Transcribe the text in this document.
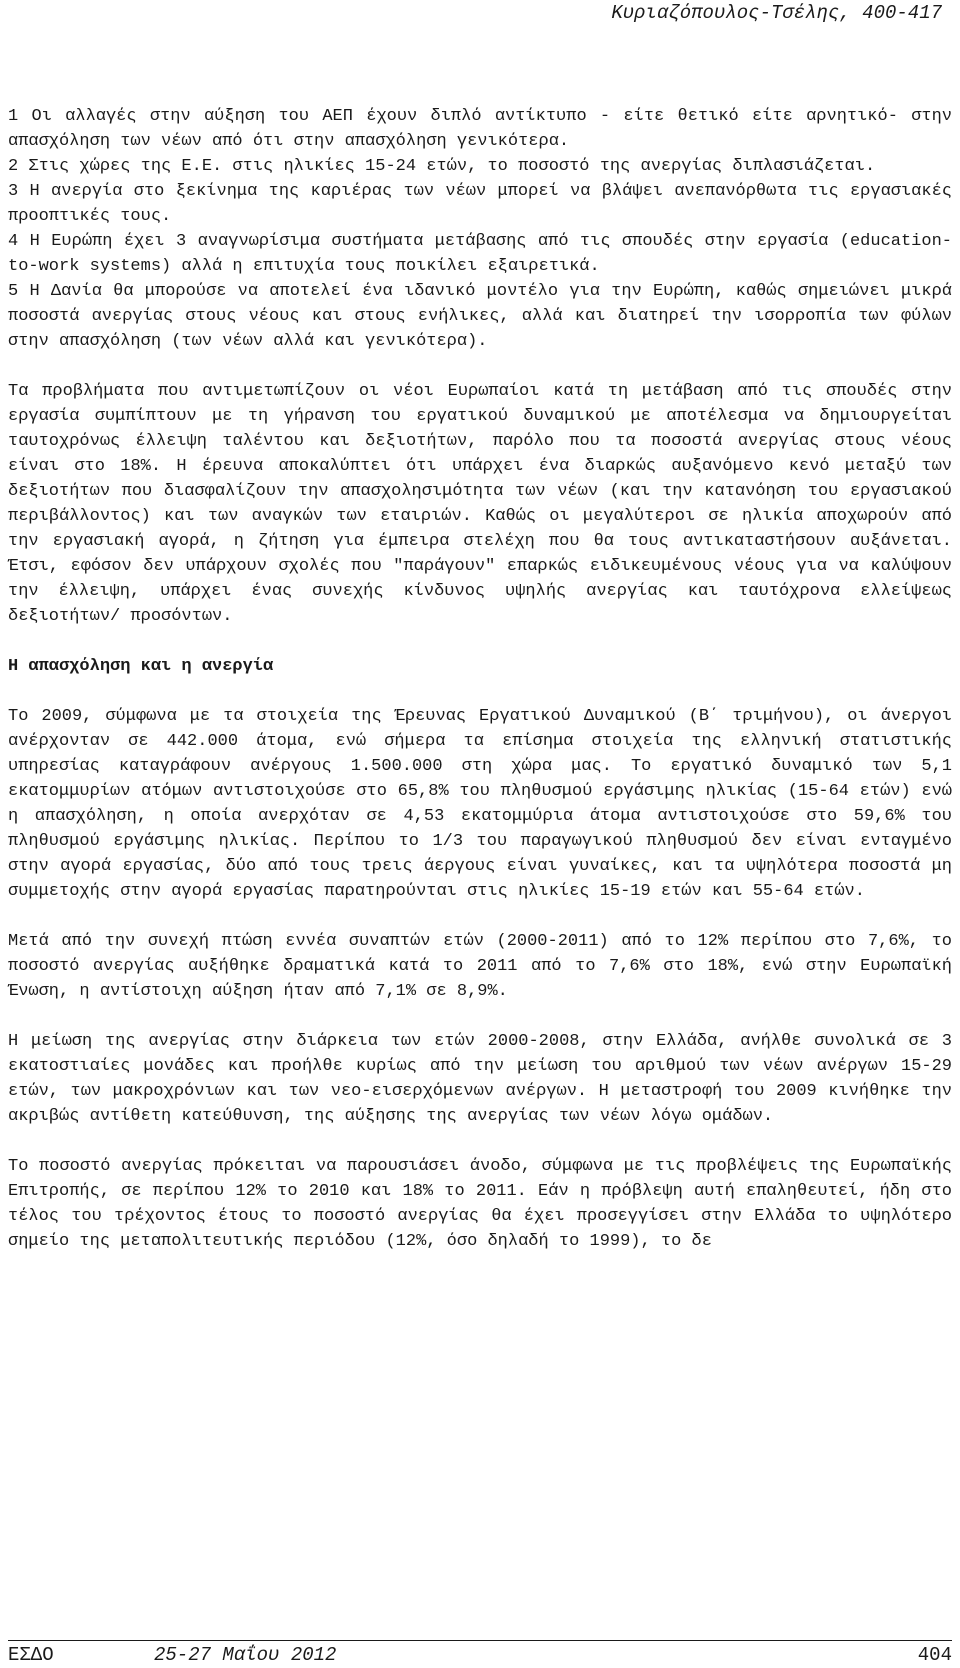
Κυριαζόπουλος-Τσέλης, 400-417

1 Οι αλλαγές στην αύξηση του ΑΕΠ έχουν διπλό αντίκτυπο - είτε θετικό είτε αρνητικό- στην απασχόληση των νέων από ότι στην απασχόληση γενικότερα.

2 Στις χώρες της Ε.Ε. στις ηλικίες 15-24 ετών, το ποσοστό της ανεργίας διπλασιάζεται.

3 Η ανεργία στο ξεκίνημα της καριέρας των νέων μπορεί να βλάψει ανεπανόρθωτα τις εργασιακές προοπτικές τους.

4 Η Ευρώπη έχει 3 αναγνωρίσιμα συστήματα μετάβασης από τις σπουδές στην εργασία (education-to-work systems) αλλά η επιτυχία τους ποικίλει εξαιρετικά.

5 Η Δανία θα μπορούσε να αποτελεί ένα ιδανικό μοντέλο για την Ευρώπη, καθώς σημειώνει μικρά ποσοστά ανεργίας στους νέους και στους ενήλικες, αλλά και διατηρεί την ισορροπία των φύλων στην απασχόληση (των νέων αλλά και γενικότερα).

Τα προβλήματα που αντιμετωπίζουν οι νέοι Ευρωπαίοι κατά τη μετάβαση από τις σπουδές στην εργασία συμπίπτουν με τη γήρανση του εργατικού δυναμικού με αποτέλεσμα να δημιουργείται ταυτοχρόνως έλλειψη ταλέντου και δεξιοτήτων, παρόλο που τα ποσοστά ανεργίας στους νέους είναι στο 18%. Η έρευνα αποκαλύπτει ότι υπάρχει ένα διαρκώς αυξανόμενο κενό μεταξύ των δεξιοτήτων που διασφαλίζουν την απασχολησιμότητα των νέων (και την κατανόηση του εργασιακού περιβάλλοντος) και των αναγκών των εταιριών. Καθώς οι μεγαλύτεροι σε ηλικία αποχωρούν από την εργασιακή αγορά, η ζήτηση για έμπειρα στελέχη που θα τους αντικαταστήσουν αυξάνεται. Έτσι, εφόσον δεν υπάρχουν σχολές που "παράγουν" επαρκώς ειδικευμένους νέους για να καλύψουν την έλλειψη, υπάρχει ένας συνεχής κίνδυνος υψηλής ανεργίας και ταυτόχρονα ελλείψεως δεξιοτήτων/ προσόντων.

Η απασχόληση και η ανεργία

Το 2009, σύμφωνα με τα στοιχεία της Έρευνας Εργατικού Δυναμικού (Β΄ τριμήνου), οι άνεργοι ανέρχονταν σε 442.000 άτομα, ενώ σήμερα τα επίσημα στοιχεία της ελληνική στατιστικής υπηρεσίας καταγράφουν ανέργους 1.500.000 στη χώρα μας. Το εργατικό δυναμικό των 5,1 εκατομμυρίων ατόμων αντιστοιχούσε στο 65,8% του πληθυσμού εργάσιμης ηλικίας (15-64 ετών) ενώ η απασχόληση, η οποία ανερχόταν σε 4,53 εκατομμύρια άτομα αντιστοιχούσε στο 59,6% του πληθυσμού εργάσιμης ηλικίας. Περίπου το 1/3 του παραγωγικού πληθυσμού δεν είναι ενταγμένο στην αγορά εργασίας, δύο από τους τρεις άεργους είναι γυναίκες, και τα υψηλότερα ποσοστά μη συμμετοχής στην αγορά εργασίας παρατηρούνται στις ηλικίες 15-19 ετών και 55-64 ετών.

Μετά από την συνεχή πτώση εννέα συναπτών ετών (2000-2011) από το 12% περίπου στο 7,6%, το ποσοστό ανεργίας αυξήθηκε δραματικά κατά το 2011 από το 7,6% στο 18%, ενώ στην Ευρωπαϊκή Ένωση, η αντίστοιχη αύξηση ήταν από 7,1% σε 8,9%.

Η μείωση της ανεργίας στην διάρκεια των ετών 2000-2008, στην Ελλάδα, ανήλθε συνολικά σε 3 εκατοστιαίες μονάδες και προήλθε κυρίως από την μείωση του αριθμού των νέων ανέργων 15-29 ετών, των μακροχρόνιων και των νεο-εισερχόμενων ανέργων. Η μεταστροφή του 2009 κινήθηκε την ακριβώς αντίθετη κατεύθυνση, της αύξησης της ανεργίας των νέων λόγω ομάδων.

Το ποσοστό ανεργίας πρόκειται να παρουσιάσει άνοδο, σύμφωνα με τις προβλέψεις της Ευρωπαϊκής Επιτροπής, σε περίπου 12% το 2010 και 18% το 2011. Εάν η πρόβλεψη αυτή επαληθευτεί, ήδη στο τέλος του τρέχοντος έτους το ποσοστό ανεργίας θα έχει προσεγγίσει στην Ελλάδα το υψηλότερο σημείο της μεταπολιτευτικής περιόδου (12%, όσο δηλαδή το 1999), το δε

ΕΣΔΟ	25-27 Μαΐου 2012	404
